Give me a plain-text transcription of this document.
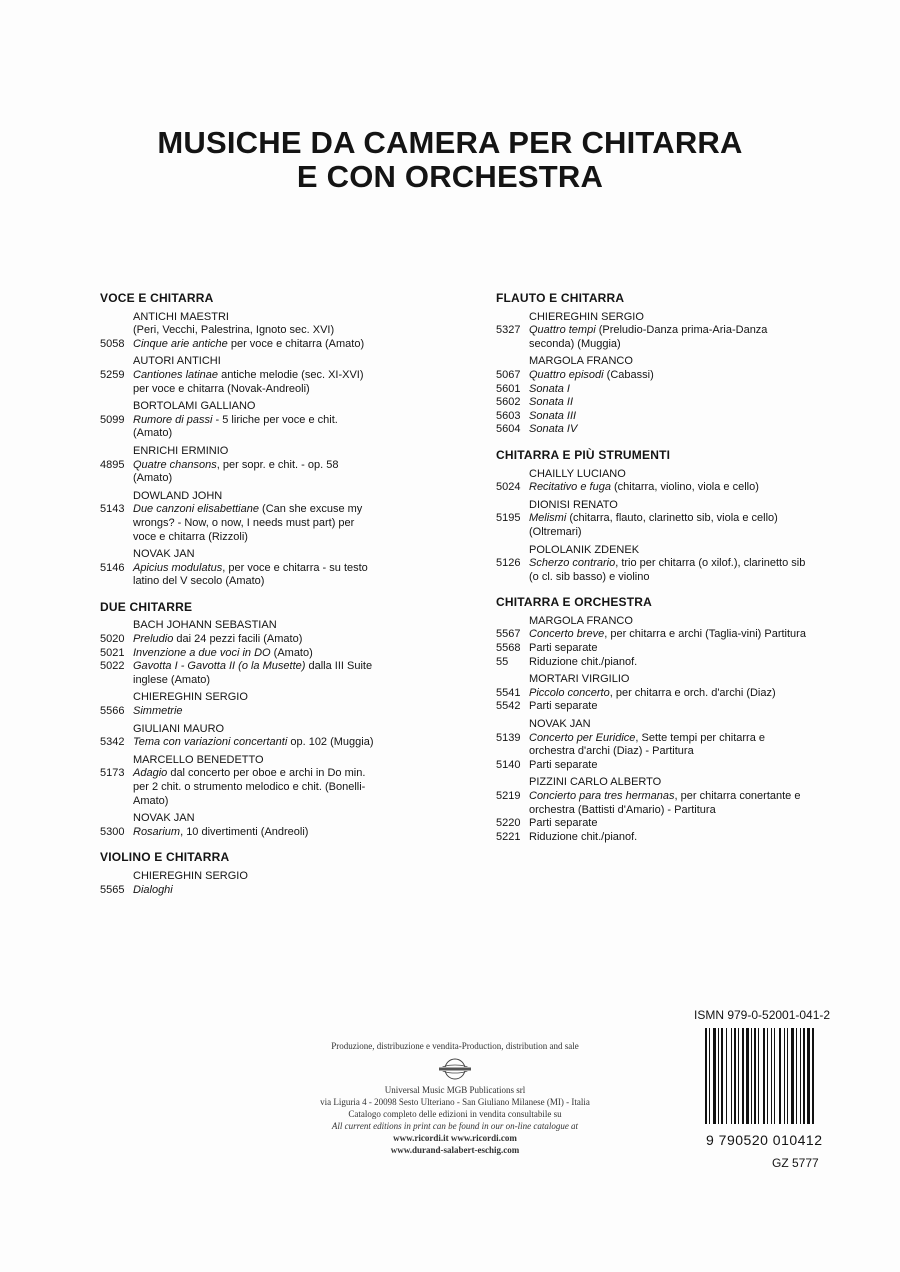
MUSICHE DA CAMERA PER CHITARRA
E CON ORCHESTRA
VOCE E CHITARRA
ANTICHI MAESTRI
(Peri, Vecchi, Palestrina, Ignoto sec. XVI)
5058 Cinque arie antiche per voce e chitarra (Amato)
AUTORI ANTICHI
5259 Cantiones latinae antiche melodie (sec. XI-XVI) per voce e chitarra (Novak-Andreoli)
BORTOLAMI GALLIANO
5099 Rumore di passi - 5 liriche per voce e chit. (Amato)
ENRICHI ERMINIO
4895 Quatre chansons, per sopr. e chit. - op. 58 (Amato)
DOWLAND JOHN
5143 Due canzoni elisabettiane (Can she excuse my wrongs? - Now, o now, I needs must part) per voce e chitarra (Rizzoli)
NOVAK JAN
5146 Apicius modulatus, per voce e chitarra - su testo latino del V secolo (Amato)
DUE CHITARRE
BACH JOHANN SEBASTIAN
5020 Preludio dai 24 pezzi facili (Amato)
5021 Invenzione a due voci in DO (Amato)
5022 Gavotta I - Gavotta II (o la Musette) dalla III Suite inglese (Amato)
CHIEREGHIN SERGIO
5566 Simmetrie
GIULIANI MAURO
5342 Tema con variazioni concertanti op. 102 (Muggia)
MARCELLO BENEDETTO
5173 Adagio dal concerto per oboe e archi in Do min. per 2 chit. o strumento melodico e chit. (Bonelli-Amato)
NOVAK JAN
5300 Rosarium, 10 divertimenti (Andreoli)
VIOLINO E CHITARRA
CHIEREGHIN SERGIO
5565 Dialoghi
FLAUTO E CHITARRA
CHIEREGHIN SERGIO
5327 Quattro tempi (Preludio-Danza prima-Aria-Danza seconda) (Muggia)
MARGOLA FRANCO
5067 Quattro episodi (Cabassi)
5601 Sonata I
5602 Sonata II
5603 Sonata III
5604 Sonata IV
CHITARRA E PIÙ STRUMENTI
CHAILLY LUCIANO
5024 Recitativo e fuga (chitarra, violino, viola e cello)
DIONISI RENATO
5195 Melismi (chitarra, flauto, clarinetto sib, viola e cello) (Oltremari)
POLOLANIK ZDENEK
5126 Scherzo contrario, trio per chitarra (o xilof.), clarinetto sib (o cl. sib basso) e violino
CHITARRA E ORCHESTRA
MARGOLA FRANCO
5567 Concerto breve, per chitarra e archi (Taglia-vini) Partitura
5568 Parti separate
55	Riduzione chit./pianof.
MORTARI VIRGILIO
5541 Piccolo concerto, per chitarra e orch. d'archi (Diaz)
5542 Parti separate
NOVAK JAN
5139 Concerto per Euridice, Sette tempi per chitarra e orchestra d'archi (Diaz) - Partitura
5140 Parti separate
PIZZINI CARLO ALBERTO
5219 Concierto para tres hermanas, per chitarra conertante e orchestra (Battisti d'Amario) - Partitura
5220 Parti separate
5221 Riduzione chit./pianof.
Produzione, distribuzione e vendita-Production, distribution and sale
Universal Music MGB Publications srl
via Liguria 4 - 20098 Sesto Ulteriano - San Giuliano Milanese (MI) - Italia
Catalogo completo delle edizioni in vendita consultabile su
All current editions in print can be found in our on-line catalogue at
www.ricordi.it www.ricordi.com
www.durand-salabert-eschig.com
ISMN 979-0-52001-041-2
9 790520 010412
GZ 5777
